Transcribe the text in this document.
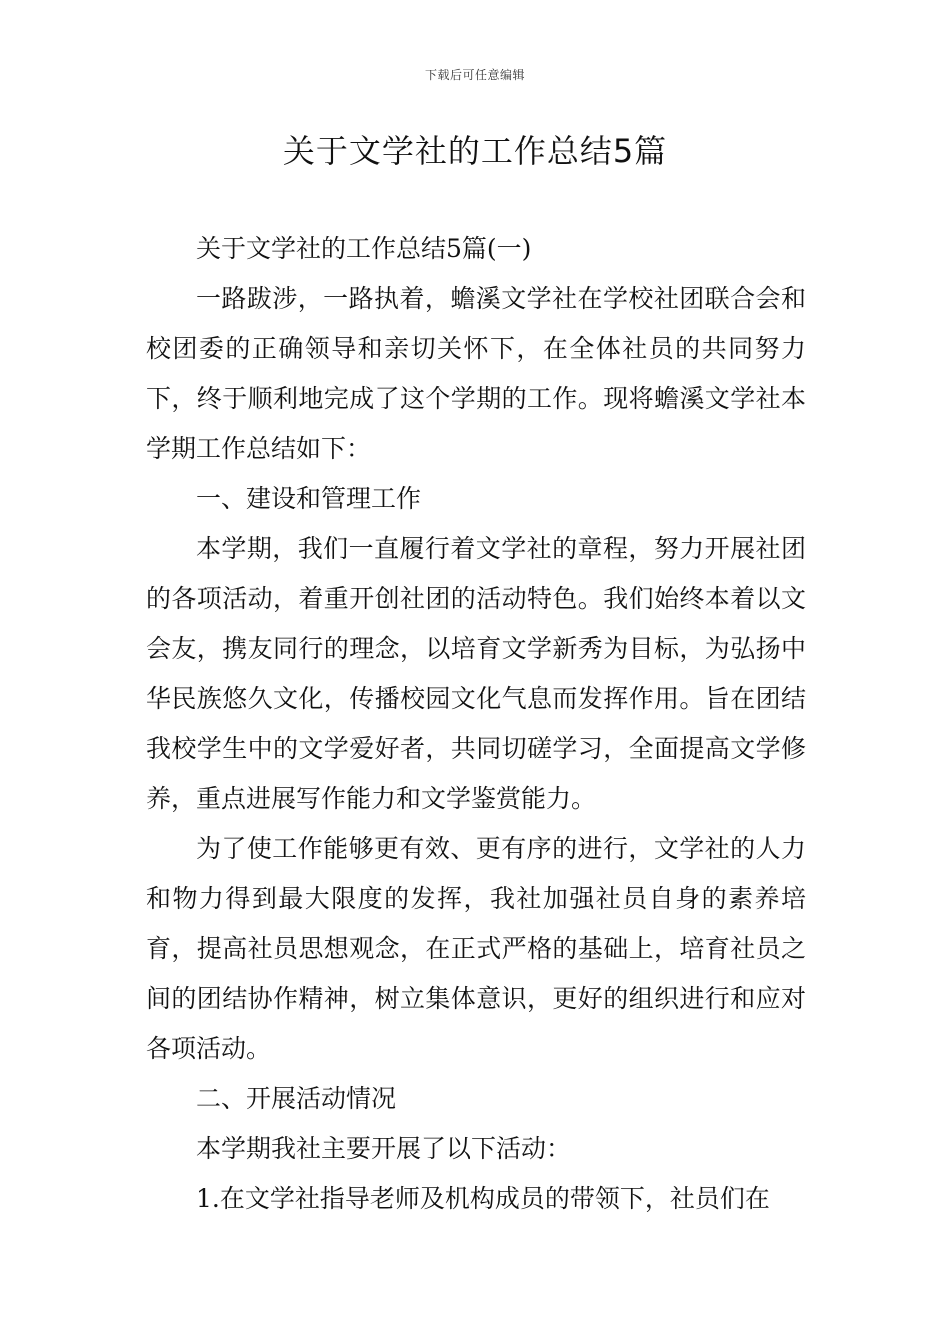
下载后可任意编辑
关于文学社的工作总结5篇

关于文学社的工作总结5篇(一)

一路跋涉，一路执着，蟾溪文学社在学校社团联合会和校团委的正确领导和亲切关怀下，在全体社员的共同努力下，终于顺利地完成了这个学期的工作。现将蟾溪文学社本学期工作总结如下：

一、建设和管理工作

本学期，我们一直履行着文学社的章程，努力开展社团的各项活动，着重开创社团的活动特色。我们始终本着以文会友，携友同行的理念，以培育文学新秀为目标，为弘扬中华民族悠久文化，传播校园文化气息而发挥作用。旨在团结我校学生中的文学爱好者，共同切磋学习，全面提高文学修养，重点进展写作能力和文学鉴赏能力。

为了使工作能够更有效、更有序的进行，文学社的人力和物力得到最大限度的发挥，我社加强社员自身的素养培育，提高社员思想观念，在正式严格的基础上，培育社员之间的团结协作精神，树立集体意识，更好的组织进行和应对各项活动。

二、开展活动情况

本学期我社主要开展了以下活动：

1.在文学社指导老师及机构成员的带领下，社员们在
